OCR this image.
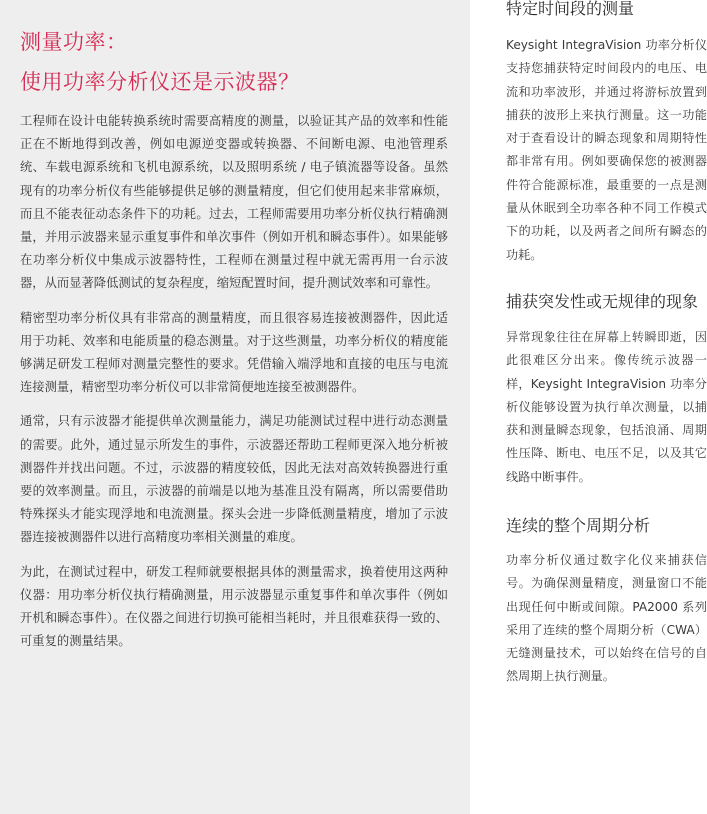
测量功率：
使用功率分析仪还是示波器？

工程师在设计电能转换系统时需要高精度的测量，以验证其产品的效率和性能正在不断地得到改善，例如电源逆变器或转换器、不间断电源、电池管理系统、车载电源系统和飞机电源系统，以及照明系统 / 电子镇流器等设备。虽然现有的功率分析仪有些能够提供足够的测量精度，但它们使用起来非常麻烦，而且不能表征动态条件下的功耗。过去，工程师需要用功率分析仪执行精确测量，并用示波器来显示重复事件和单次事件（例如开机和瞬态事件）。如果能够在功率分析仪中集成示波器特性，工程师在测量过程中就无需再用一台示波器，从而显著降低测试的复杂程度，缩短配置时间，提升测试效率和可靠性。

精密型功率分析仪具有非常高的测量精度，而且很容易连接被测器件，因此适用于功耗、效率和电能质量的稳态测量。对于这些测量，功率分析仪的精度能够满足研发工程师对测量完整性的要求。凭借输入端浮地和直接的电压与电流连接测量，精密型功率分析仪可以非常简便地连接至被测器件。

通常，只有示波器才能提供单次测量能力，满足功能测试过程中进行动态测量的需要。此外，通过显示所发生的事件，示波器还帮助工程师更深入地分析被测器件并找出问题。不过，示波器的精度较低，因此无法对高效转换器进行重要的效率测量。而且，示波器的前端是以地为基准且没有隔离，所以需要借助特殊探头才能实现浮地和电流测量。探头会进一步降低测量精度，增加了示波器连接被测器件以进行高精度功率相关测量的难度。

为此，在测试过程中，研发工程师就要根据具体的测量需求，换着使用这两种仪器：用功率分析仪执行精确测量，用示波器显示重复事件和单次事件（例如开机和瞬态事件）。在仪器之间进行切换可能相当耗时，并且很难获得一致的、可重复的测量结果。

特定时间段的测量

Keysight IntegraVision 功率分析仪支持您捕获特定时间段内的电压、电流和功率波形，并通过将游标放置到捕获的波形上来执行测量。这一功能对于查看设计的瞬态现象和周期特性都非常有用。例如要确保您的被测器件符合能源标准，最重要的一点是测量从休眠到全功率各种不同工作模式下的功耗，以及两者之间所有瞬态的功耗。

捕获突发性或无规律的现象

异常现象往往在屏幕上转瞬即逝，因此很难区分出来。像传统示波器一样，Keysight IntegraVision 功率分析仪能够设置为执行单次测量，以捕获和测量瞬态现象，包括浪涌、周期性压降、断电、电压不足，以及其它线路中断事件。

连续的整个周期分析

功率分析仪通过数字化仪来捕获信号。为确保测量精度，测量窗口不能出现任何中断或间隙。PA2000 系列采用了连续的整个周期分析（CWA）无缝测量技术，可以始终在信号的自然周期上执行测量。
